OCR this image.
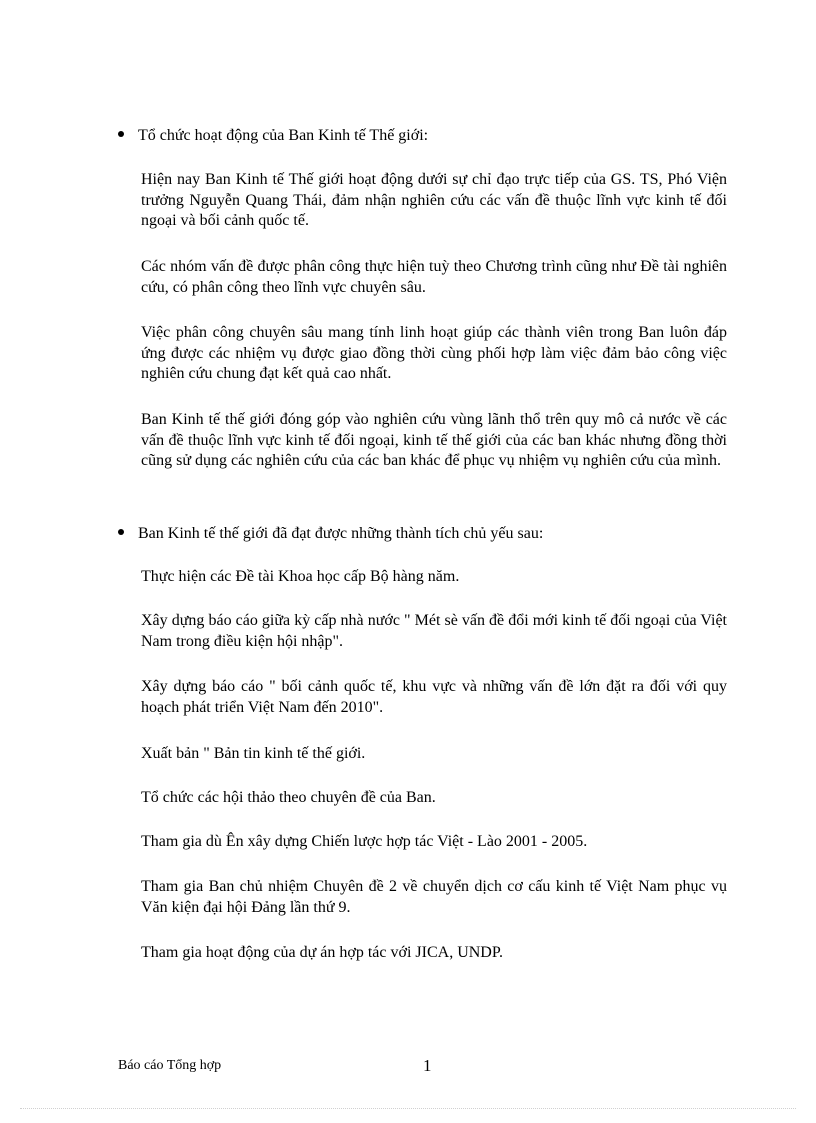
Tổ chức hoạt động của Ban Kinh tế Thế giới:

Hiện nay Ban Kinh tế Thế giới hoạt động dưới sự chỉ đạo trực tiếp của GS. TS, Phó Viện trưởng Nguyễn Quang Thái, đảm nhận nghiên cứu các vấn đề thuộc lĩnh vực kinh tế đối ngoại và bối cảnh quốc tế.

Các nhóm vấn đề được phân công thực hiện tuỳ theo Chương trình cũng như Đề tài nghiên cứu, có phân công theo lĩnh vực chuyên sâu.

Việc phân công chuyên sâu mang tính linh hoạt giúp các thành viên trong Ban luôn đáp ứng được các nhiệm vụ được giao đồng thời cùng phối hợp làm việc đảm bảo công việc nghiên cứu chung đạt kết quả cao nhất.

Ban Kinh tế thế giới đóng góp vào nghiên cứu vùng lãnh thổ trên quy mô cả nước về các vấn đề thuộc lĩnh vực kinh tế đối ngoại, kinh tế thế giới của các ban khác nhưng đồng thời cũng sử dụng các nghiên cứu của các ban khác để phục vụ nhiệm vụ nghiên cứu của mình.

Ban Kinh tế thế giới đã đạt được những thành tích chủ yếu sau:

Thực hiện các Đề tài Khoa học cấp Bộ hàng năm.

Xây dựng báo cáo giữa kỳ cấp nhà nước " Mét sè vấn đề đổi mới kinh tế đối ngoại của Việt Nam trong điều kiện hội nhập".

Xây dựng báo cáo " bối cảnh quốc tế, khu vực và những vấn đề lớn đặt ra đối với quy hoạch phát triển Việt Nam đến 2010".

Xuất bản " Bản tin kinh tế thế giới.

Tổ chức các hội thảo theo chuyên đề của Ban.

Tham gia dù Ên xây dựng Chiến lược hợp tác Việt - Lào 2001 - 2005.

Tham gia Ban chủ nhiệm Chuyên đề 2 về chuyển dịch cơ cấu kinh tế Việt Nam phục vụ Văn kiện đại hội Đảng lần thứ 9.

Tham gia hoạt động của dự án hợp tác với JICA, UNDP.

Báo cáo Tổng hợp	1
